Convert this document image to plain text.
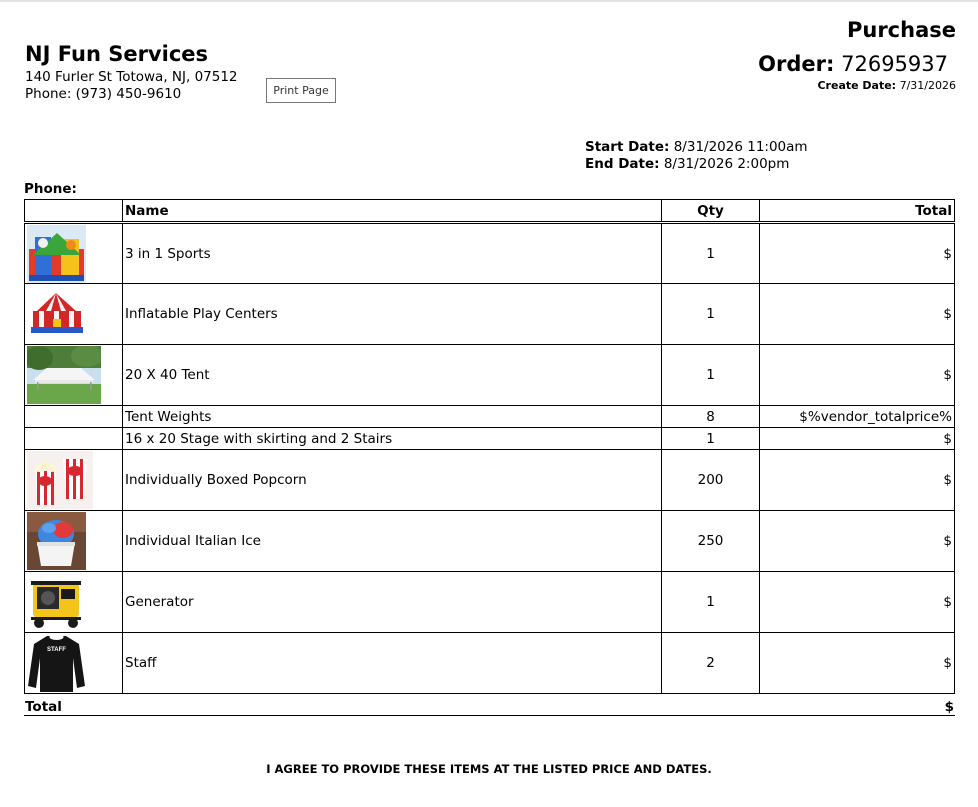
NJ Fun Services
140 Furler St Totowa, NJ, 07512
Phone: (973) 450-9610	Print Page
Purchase
Order: 72695937
Create Date: 7/31/2026
Start Date: 8/31/2026 11:00am
End Date: 8/31/2026 2:00pm
Phone:
	Name	Qty	Total

	3 in 1 Sports	1	$

	Inflatable Play Centers	1	$

	20 X 40 Tent	1	$
	Tent Weights	8	$%vendor_totalprice%
	16 x 20 Stage with skirting and 2 Stairs	1	$

	Individually Boxed Popcorn	200	$

	Individual Italian Ice	250	$

	Generator	1	$

STAFF	Staff	2	$
Total	$
I AGREE TO PROVIDE THESE ITEMS AT THE LISTED PRICE AND DATES.
